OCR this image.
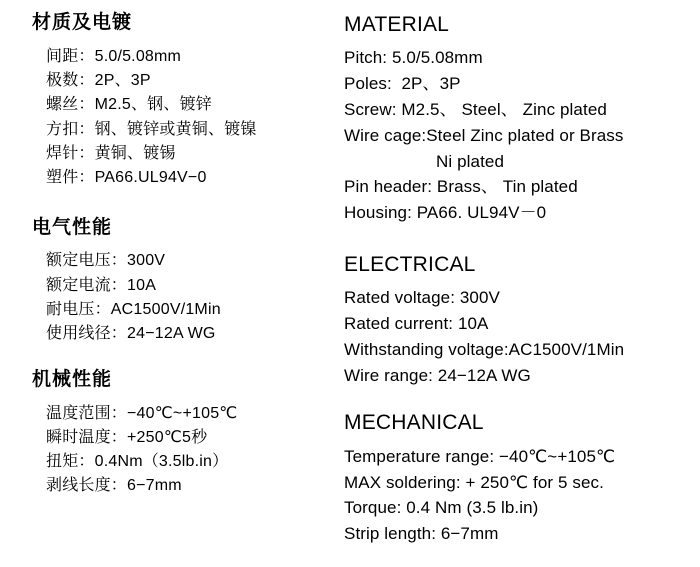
材质及电镀
间距：5.0/5.08mm
极数：2P、3P
螺丝：M2.5、钢、镀锌
方扣：钢、镀锌或黄铜、镀镍
焊针：黄铜、镀锡
塑件：PA66.UL94V−0
电气性能
额定电压：300V
额定电流：10A
耐电压：AC1500V/1Min
使用线径：24−12A WG
机械性能
温度范围：−40℃~+105℃
瞬时温度：+250℃5秒
扭矩：0.4Nm（3.5lb.in）
剥线长度：6−7mm
MATERIAL
Pitch: 5.0/5.08mm
Poles:  2P、3P
Screw: M2.5、 Steel、 Zinc plated
Wire cage:Steel Zinc plated or Brass
Ni plated
Pin header: Brass、 Tin plated
Housing: PA66. UL94V－0
ELECTRICAL
Rated voltage: 300V
Rated current: 10A
Withstanding voltage:AC1500V/1Min
Wire range: 24−12A WG
MECHANICAL
Temperature range: −40℃~+105℃
MAX soldering: + 250℃ for 5 sec.
Torque: 0.4 Nm (3.5 lb.in)
Strip length: 6−7mm
